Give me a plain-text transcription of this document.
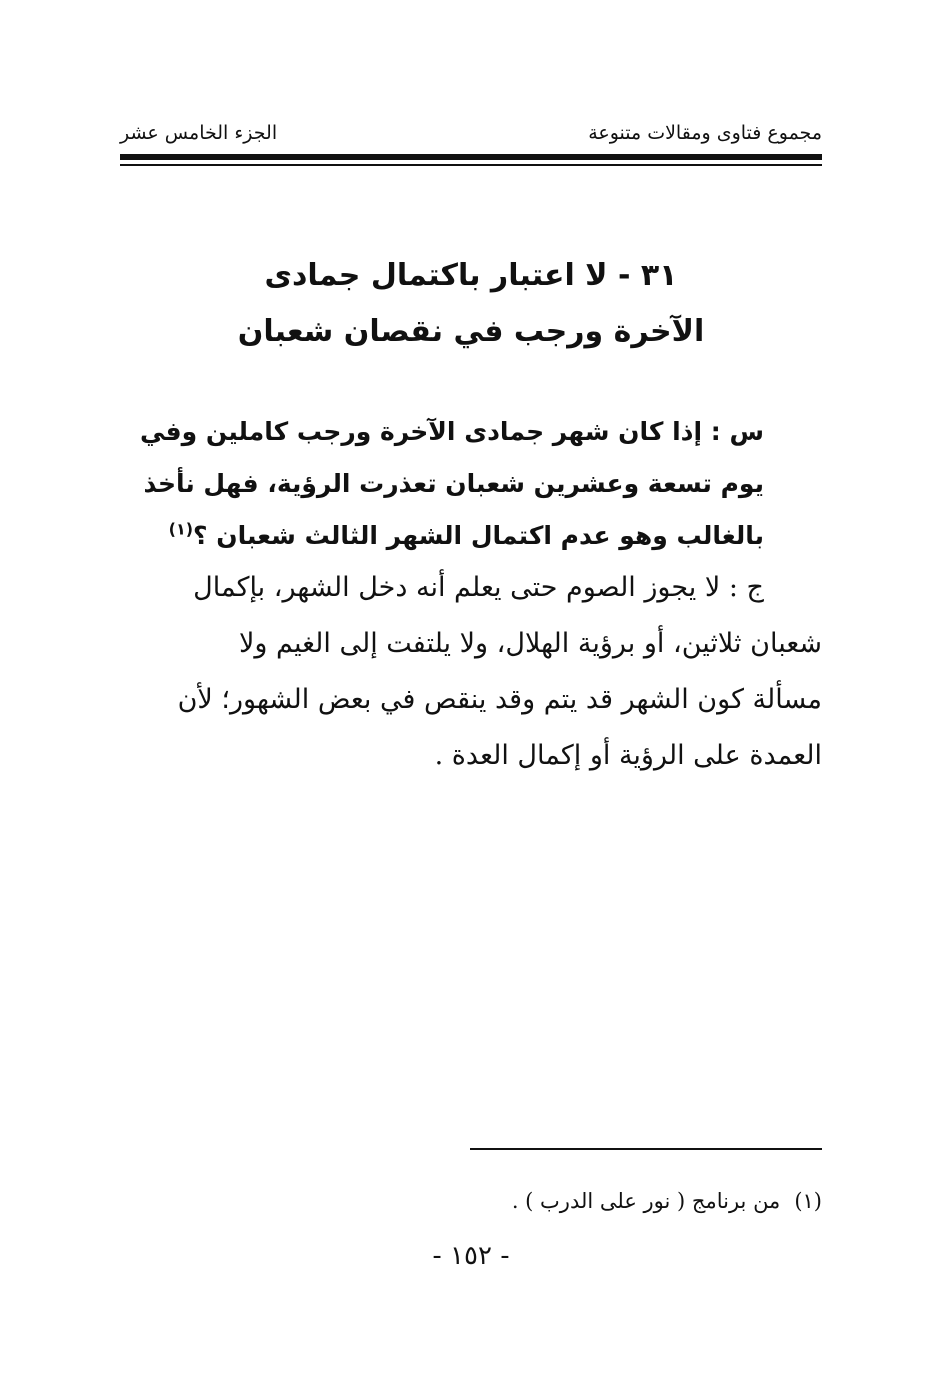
مجموع فتاوى ومقالات متنوعة
الجزء الخامس عشر
٣١ - لا اعتبار باكتمال جمادى
الآخرة ورجب في نقصان شعبان
س : إذا كان شهر جمادى الآخرة ورجب كاملين وفي
يوم تسعة وعشرين شعبان تعذرت الرؤية، فهل نأخذ
بالغالب وهو عدم اكتمال الشهر الثالث شعبان ؟$^{(١)}$
ج : لا يجوز الصوم حتى يعلم أنه دخل الشهر، بإكمال
شعبان ثلاثين، أو برؤية الهلال، ولا يلتفت إلى الغيم ولا
مسألة كون الشهر قد يتم وقد ينقص في بعض الشهور؛ لأن
العمدة على الرؤية أو إكمال العدة .
(١)من برنامج ( نور على الدرب ) .
- ١٥٢ -
